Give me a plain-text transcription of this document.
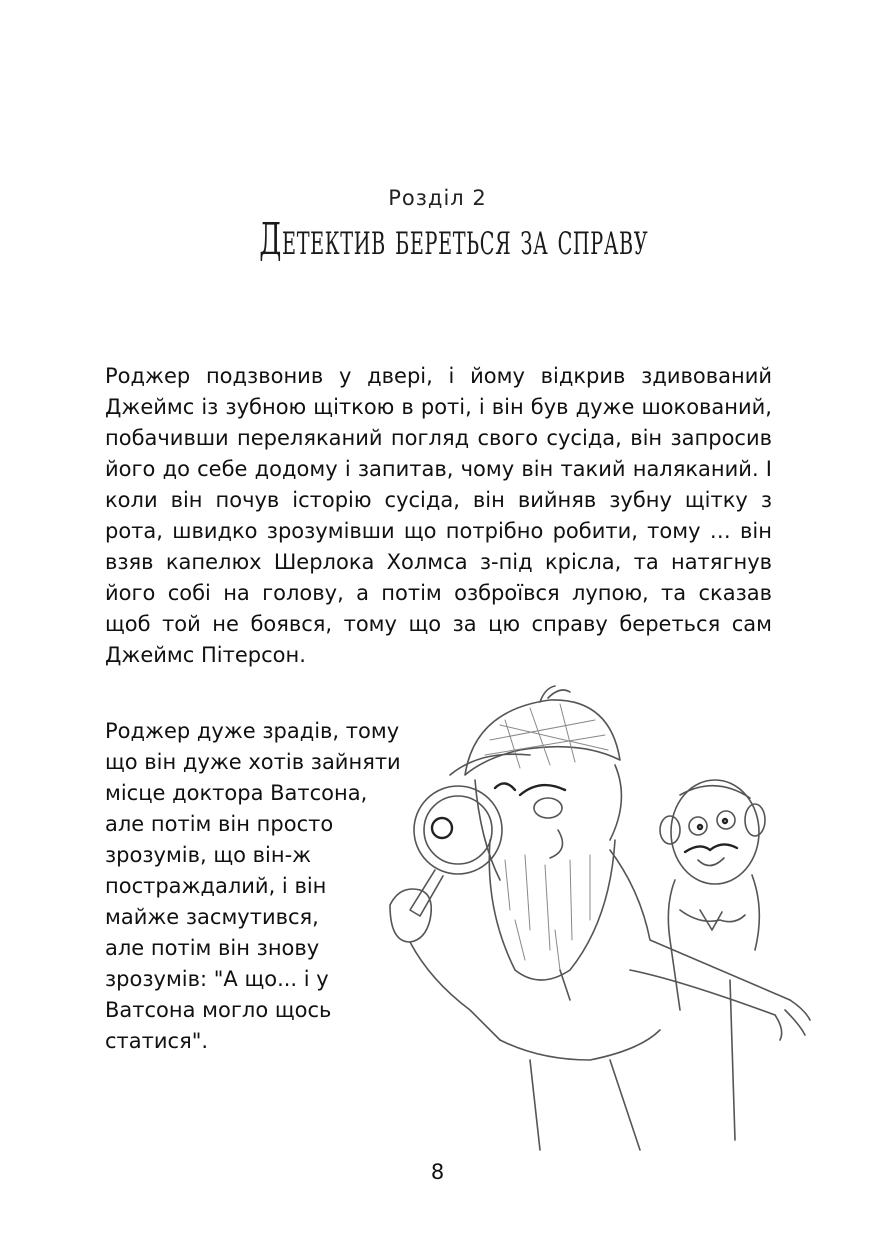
Розділ 2
Детектив береться за справу

Роджер подзвонив у двері, і йому відкрив здивований Джеймс із зубною щіткою в роті, і він був дуже шокований, побачивши переляканий погляд свого сусіда, він запросив його до себе додому і запитав, чому він такий наляканий. І коли він почув історію сусіда, він вийняв зубну щітку з рота, швидко зрозумівши що потрібно робити, тому … він взяв капелюх Шерлока Холмса з-під крісла, та натягнув його собі на голову, а потім озброївся лупою, та сказав щоб той не боявся, тому що за цю справу береться сам Джеймс Пітерсон.

Роджер дуже зрадів, тому
що він дуже хотів зайняти
місце доктора Ватсона,
але потім він просто
зрозумів, що він-ж
постраждалий, і він
майже засмутився,
але потім він знову
зрозумів: "А що... і у
Ватсона могло щось
статися".
8
